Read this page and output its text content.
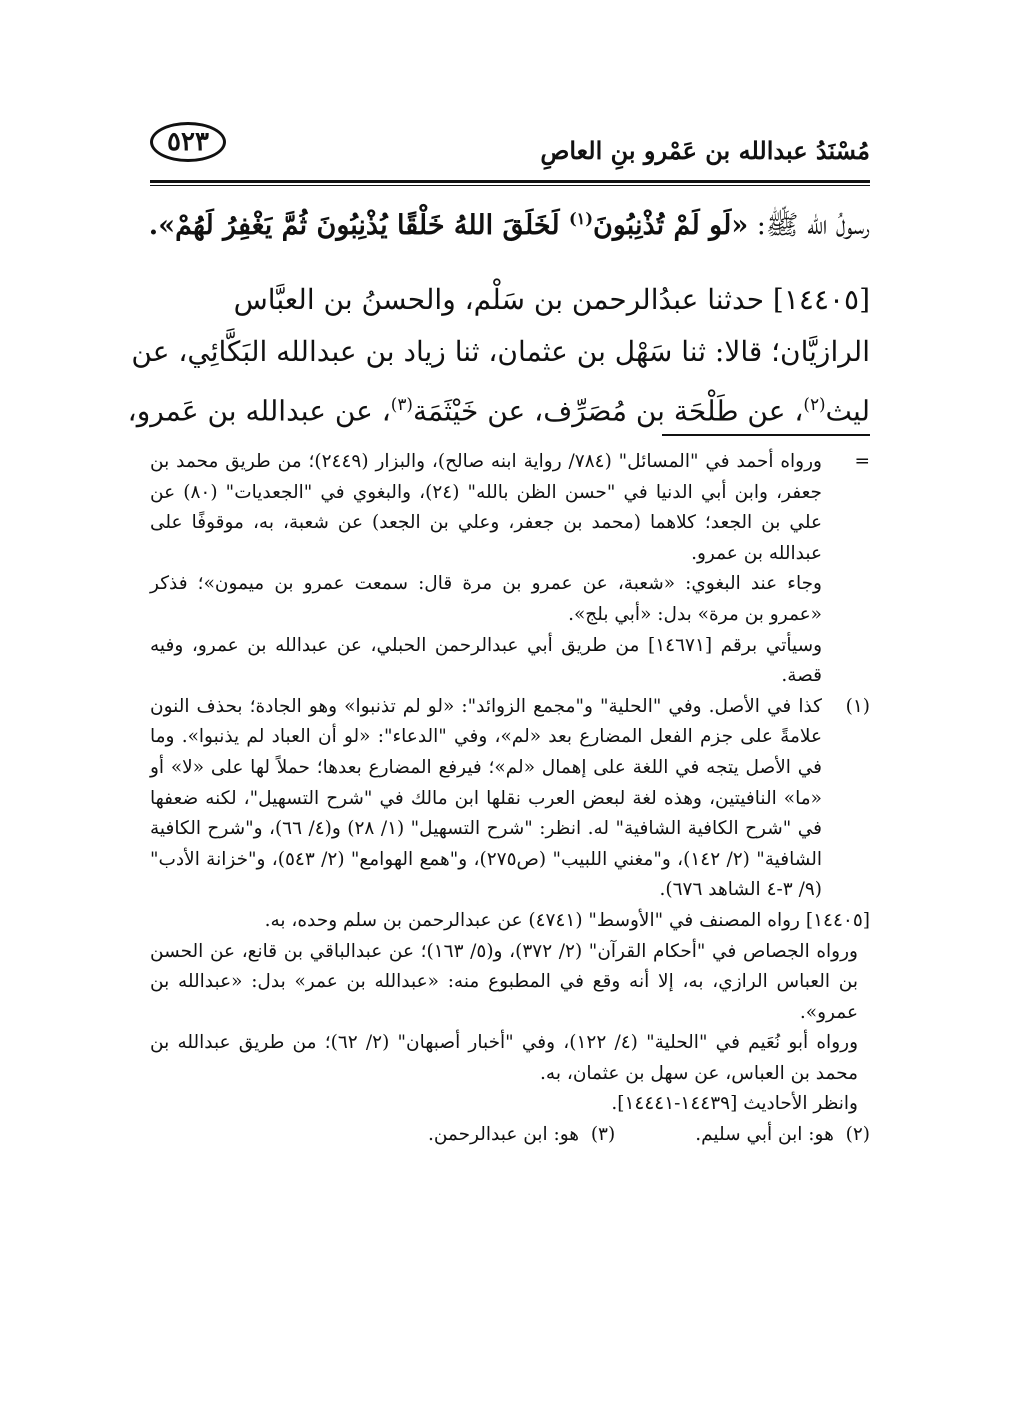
مُسْنَدُ عبدالله بن عَمْرو بنِ العاصِ
٥٢٣
رسولُ الله ﷺ: «لَو لَمْ تُذْنِبُونَ$^{(١)}$ لَخَلَقَ اللهُ خَلْقًا يُذْنِبُونَ ثُمَّ يَغْفِرُ لَهُمْ».
[١٤٤٠٥] حدثنا عبدُالرحمن بن سَلْم، والحسنُ بن العبَّاس
الرازيَّان؛ قالا: ثنا سَهْل بن عثمان، ثنا زياد بن عبدالله البَكَّائِي، عن
ليث$^{(٢)}$، عن طَلْحَة بن مُصَرِّف، عن خَيْثَمَة$^{(٣)}$، عن عبدالله بن عَمرو،
=

ورواه أحمد في "المسائل" (٧٨٤/ رواية ابنه صالح)، والبزار (٢٤٤٩)؛ من طريق محمد بن جعفر، وابن أبي الدنيا في "حسن الظن بالله" (٢٤)، والبغوي في "الجعديات" (٨٠) عن علي بن الجعد؛ كلاهما (محمد بن جعفر، وعلي بن الجعد) عن شعبة، به، موقوفًا على عبدالله بن عمرو.

وجاء عند البغوي: «شعبة، عن عمرو بن مرة قال: سمعت عمرو بن ميمون»؛ فذكر «عمرو بن مرة» بدل: «أبي بلج».

وسيأتي برقم [١٤٦٧١] من طريق أبي عبدالرحمن الحبلي، عن عبدالله بن عمرو، وفيه قصة.

(١)

كذا في الأصل. وفي "الحلية" و"مجمع الزوائد": «لو لم تذنبوا» وهو الجادة؛ بحذف النون علامةً على جزم الفعل المضارع بعد «لم»، وفي "الدعاء": «لو أن العباد لم يذنبوا». وما في الأصل يتجه في اللغة على إهمال «لم»؛ فيرفع المضارع بعدها؛ حملاً لها على «لا» أو «ما» النافيتين، وهذه لغة لبعض العرب نقلها ابن مالك في "شرح التسهيل"، لكنه ضعفها في "شرح الكافية الشافية" له. انظر: "شرح التسهيل" (١/ ٢٨) و(٤/ ٦٦)، و"شرح الكافية الشافية" (٢/ ١٤٢)، و"مغني اللبيب" (ص٢٧٥)، و"همع الهوامع" (٢/ ٥٤٣)، و"خزانة الأدب" (٩/ ٣-٤ الشاهد ٦٧٦).

[١٤٤٠٥] رواه المصنف في "الأوسط" (٤٧٤١) عن عبدالرحمن بن سلم وحده، به.

ورواه الجصاص في "أحكام القرآن" (٢/ ٣٧٢)، و(٥/ ١٦٣)؛ عن عبدالباقي بن قانع، عن الحسن بن العباس الرازي، به، إلا أنه وقع في المطبوع منه: «عبدالله بن عمر» بدل: «عبدالله بن عمرو».

ورواه أبو نُعَيم في "الحلية" (٤/ ١٢٢)، وفي "أخبار أصبهان" (٢/ ٦٢)؛ من طريق عبدالله بن محمد بن العباس، عن سهل بن عثمان، به.

وانظر الأحاديث [١٤٤٣٩-١٤٤٤١].

(٢)  هو: ابن أبي سليم.
(٣)  هو: ابن عبدالرحمن.
